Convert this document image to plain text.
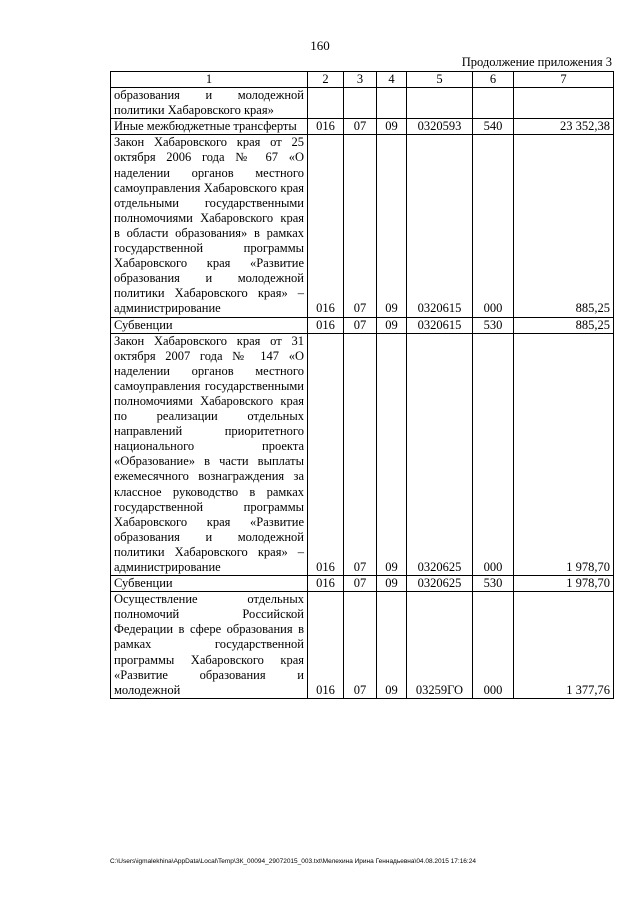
160
Продолжение приложения 3
1	2	3	4	5	6	7
образования и молодежной политики Хабаровского края»						
Иные межбюджетные трансферты	016	07	09	0320593	540	23 352,38
Закон Хабаровского края от 25 октября 2006 года № 67 «О наделении органов местного самоуправления Хабаровского края отдельными государственными полномочиями Хабаровского края в области образования» в рамках государственной программы Хабаровского края «Развитие образования и молодежной политики Хабаровского края» – администрирование	016	07	09	0320615	000	885,25
Субвенции	016	07	09	0320615	530	885,25
Закон Хабаровского края от 31 октября 2007 года № 147 «О наделении органов местного самоуправления государственными полномочиями Хабаровского края по реализации отдельных направлений приоритетного национального проекта «Образование» в части выплаты ежемесячного вознаграждения за классное руководство в рамках государственной программы Хабаровского края «Развитие образования и молодежной политики Хабаровского края» – администрирование	016	07	09	0320625	000	1 978,70
Субвенции	016	07	09	0320625	530	1 978,70
Осуществление отдельных полномочий Российской Федерации в сфере образования в рамках государственной программы Хабаровского края «Развитие образования и молодежной	016	07	09	03259ГО	000	1 377,76
C:\Users\igmalekhina\AppData\Local\Temp\ЗК_00094_29072015_003.txt\Мелехина Ирина Геннадьевна\04.08.2015 17:16:24
